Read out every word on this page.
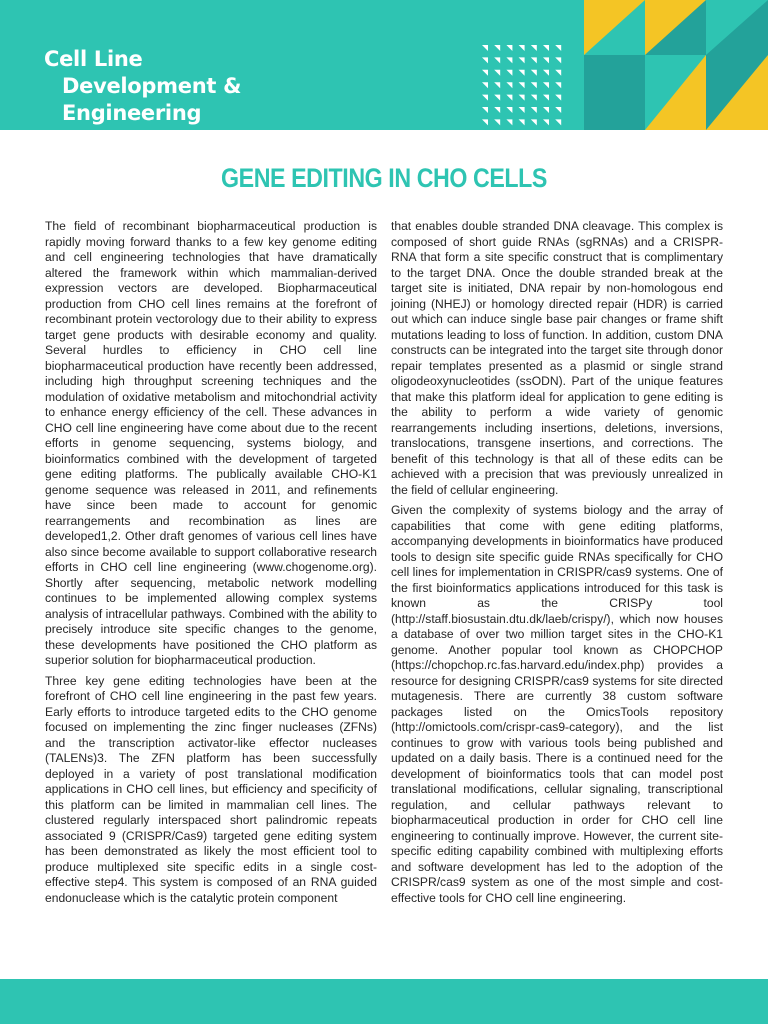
Cell Line
Development &
Engineering
GENE EDITING IN CHO CELLS

The field of recombinant biopharmaceutical production is rapidly moving forward thanks to a few key genome editing and cell engineering technologies that have dramatically altered the framework within which mammalian-derived expression vectors are developed. Biopharmaceutical production from CHO cell lines remains at the forefront of recombinant protein vectorology due to their ability to express target gene products with desirable economy and quality. Several hurdles to efficiency in CHO cell line biopharmaceutical production have recently been addressed, including high throughput screening techniques and the modulation of oxidative metabolism and mitochondrial activity to enhance energy efficiency of the cell. These advances in CHO cell line engineering have come about due to the recent efforts in genome sequencing, systems biology, and bioinformatics combined with the development of targeted gene editing platforms. The publically available CHO-K1 genome sequence was released in 2011, and refinements have since been made to account for genomic rearrangements and recombination as lines are developed1,2. Other draft genomes of various cell lines have also since become available to support collaborative research efforts in CHO cell line engineering (www.chogenome.org). Shortly after sequencing, metabolic network modelling continues to be implemented allowing complex systems analysis of intracellular pathways. Combined with the ability to precisely introduce site specific changes to the genome, these developments have positioned the CHO platform as superior solution for biopharmaceutical production.

Three key gene editing technologies have been at the forefront of CHO cell line engineering in the past few years. Early efforts to introduce targeted edits to the CHO genome focused on implementing the zinc finger nucleases (ZFNs) and the transcription activator-like effector nucleases (TALENs)3. The ZFN platform has been successfully deployed in a variety of post translational modification applications in CHO cell lines, but efficiency and specificity of this platform can be limited in mammalian cell lines. The clustered regularly interspaced short palindromic repeats associated 9 (CRISPR/Cas9) targeted gene editing system has been demonstrated as likely the most efficient tool to produce multiplexed site specific edits in a single cost-effective step4. This system is composed of an RNA guided endonuclease which is the catalytic protein component

that enables double stranded DNA cleavage. This complex is composed of short guide RNAs (sgRNAs) and a CRISPR-RNA that form a site specific construct that is complimentary to the target DNA. Once the double stranded break at the target site is initiated, DNA repair by non-homologous end joining (NHEJ) or homology directed repair (HDR) is carried out which can induce single base pair changes or frame shift mutations leading to loss of function. In addition, custom DNA constructs can be integrated into the target site through donor repair templates presented as a plasmid or single strand oligodeoxynucleotides (ssODN). Part of the unique features that make this platform ideal for application to gene editing is the ability to perform a wide variety of genomic rearrangements including insertions, deletions, inversions, translocations, transgene insertions, and corrections. The benefit of this technology is that all of these edits can be achieved with a precision that was previously unrealized in the field of cellular engineering.

Given the complexity of systems biology and the array of capabilities that come with gene editing platforms, accompanying developments in bioinformatics have produced tools to design site specific guide RNAs specifically for CHO cell lines for implementation in CRISPR/cas9 systems. One of the first bioinformatics applications introduced for this task is known as the CRISPy tool (http://staff.biosustain.dtu.dk/laeb/crispy/), which now houses a database of over two million target sites in the CHO-K1 genome. Another popular tool known as CHOPCHOP (https://chopchop.rc.fas.harvard.edu/index.php) provides a resource for designing CRISPR/cas9 systems for site directed mutagenesis. There are currently 38 custom software packages listed on the OmicsTools repository (http://omictools.com/crispr-cas9-category), and the list continues to grow with various tools being published and updated on a daily basis. There is a continued need for the development of bioinformatics tools that can model post translational modifications, cellular signaling, transcriptional regulation, and cellular pathways relevant to biopharmaceutical production in order for CHO cell line engineering to continually improve. However, the current site-specific editing capability combined with multiplexing efforts and software development has led to the adoption of the CRISPR/cas9 system as one of the most simple and cost-effective tools for CHO cell line engineering.
